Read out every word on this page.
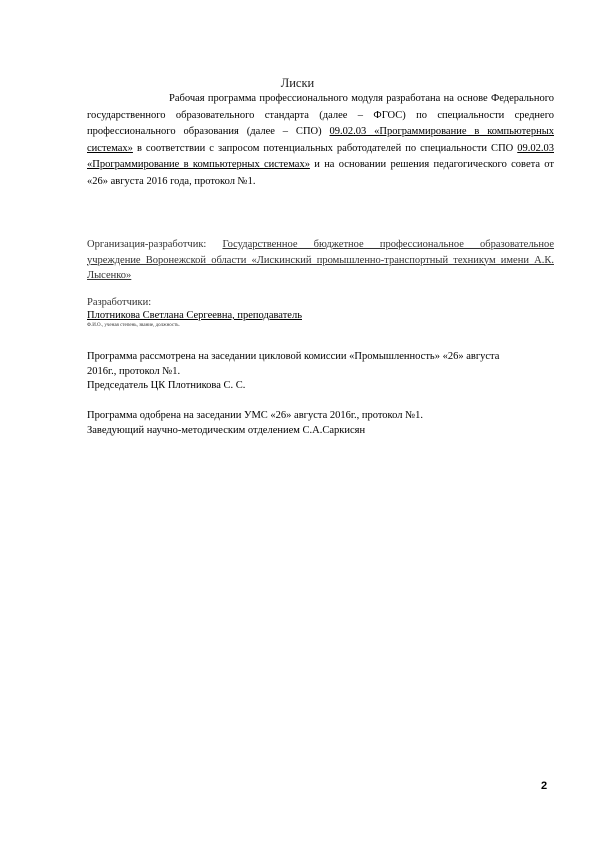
Лиски
Рабочая программа профессионального модуля разработана на основе Федерального государственного образовательного стандарта (далее – ФГОС) по специальности среднего профессионального образования (далее – СПО) 09.02.03 «Программирование в компьютерных системах» в соответствии с запросом потенциальных работодателей по специальности СПО 09.02.03 «Программирование в компьютерных системах» и на основании решения педагогического совета от «26» августа 2016 года, протокол №1.
Организация-разработчик: Государственное бюджетное профессиональное образовательное учреждение Воронежской области «Лискинский промышленно-транспортный техникум имени А.К. Лысенко»
Разработчики:
Плотникова Светлана Сергеевна, преподаватель
Ф.И.О., ученая степень, звание, должность.
Программа рассмотрена на заседании цикловой комиссии «Промышленность» «26» августа
2016г., протокол №1.
Председатель ЦК Плотникова С. С.
Программа одобрена на заседании УМС «26» августа 2016г., протокол №1.
Заведующий научно-методическим отделением С.А.Саркисян
2
